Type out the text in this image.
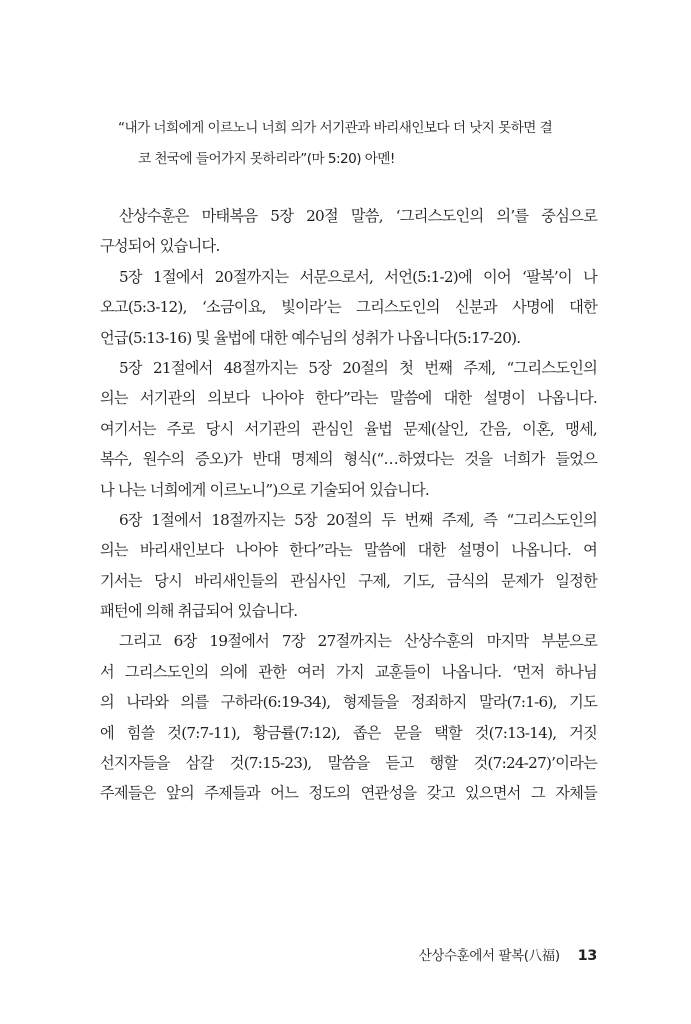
“내가 너희에게 이르노니 너희 의가 서기관과 바리새인보다 더 낫지 못하면 결
코 천국에 들어가지 못하리라”(마 5:20) 아멘!
산상수훈은 마태복음 5장 20절 말씀, ‘그리스도인의 의’를 중심으로
구성되어 있습니다.
5장 1절에서 20절까지는 서문으로서, 서언(5:1-2)에 이어 ‘팔복’이 나
오고(5:3-12), ‘소금이요, 빛이라’는 그리스도인의 신분과 사명에 대한
언급(5:13-16) 및 율법에 대한 예수님의 성취가 나옵니다(5:17-20).
5장 21절에서 48절까지는 5장 20절의 첫 번째 주제, “그리스도인의
의는 서기관의 의보다 나아야 한다”라는 말씀에 대한 설명이 나옵니다.
여기서는 주로 당시 서기관의 관심인 율법 문제(살인, 간음, 이혼, 맹세,
복수, 원수의 증오)가 반대 명제의 형식(“…하였다는 것을 너희가 들었으
나 나는 너희에게 이르노니”)으로 기술되어 있습니다.
6장 1절에서 18절까지는 5장 20절의 두 번째 주제, 즉 “그리스도인의
의는 바리새인보다 나아야 한다”라는 말씀에 대한 설명이 나옵니다. 여
기서는 당시 바리새인들의 관심사인 구제, 기도, 금식의 문제가 일정한
패턴에 의해 취급되어 있습니다.
그리고 6장 19절에서 7장 27절까지는 산상수훈의 마지막 부분으로
서 그리스도인의 의에 관한 여러 가지 교훈들이 나옵니다. ‘먼저 하나님
의 나라와 의를 구하라(6:19-34), 형제들을 정죄하지 말라(7:1-6), 기도
에 힘쓸 것(7:7-11), 황금률(7:12), 좁은 문을 택할 것(7:13-14), 거짓
선지자들을 삼갈 것(7:15-23), 말씀을 듣고 행할 것(7:24-27)’이라는
주제들은 앞의 주제들과 어느 정도의 연관성을 갖고 있으면서 그 자체들
산상수훈에서 팔복(八福) 13
